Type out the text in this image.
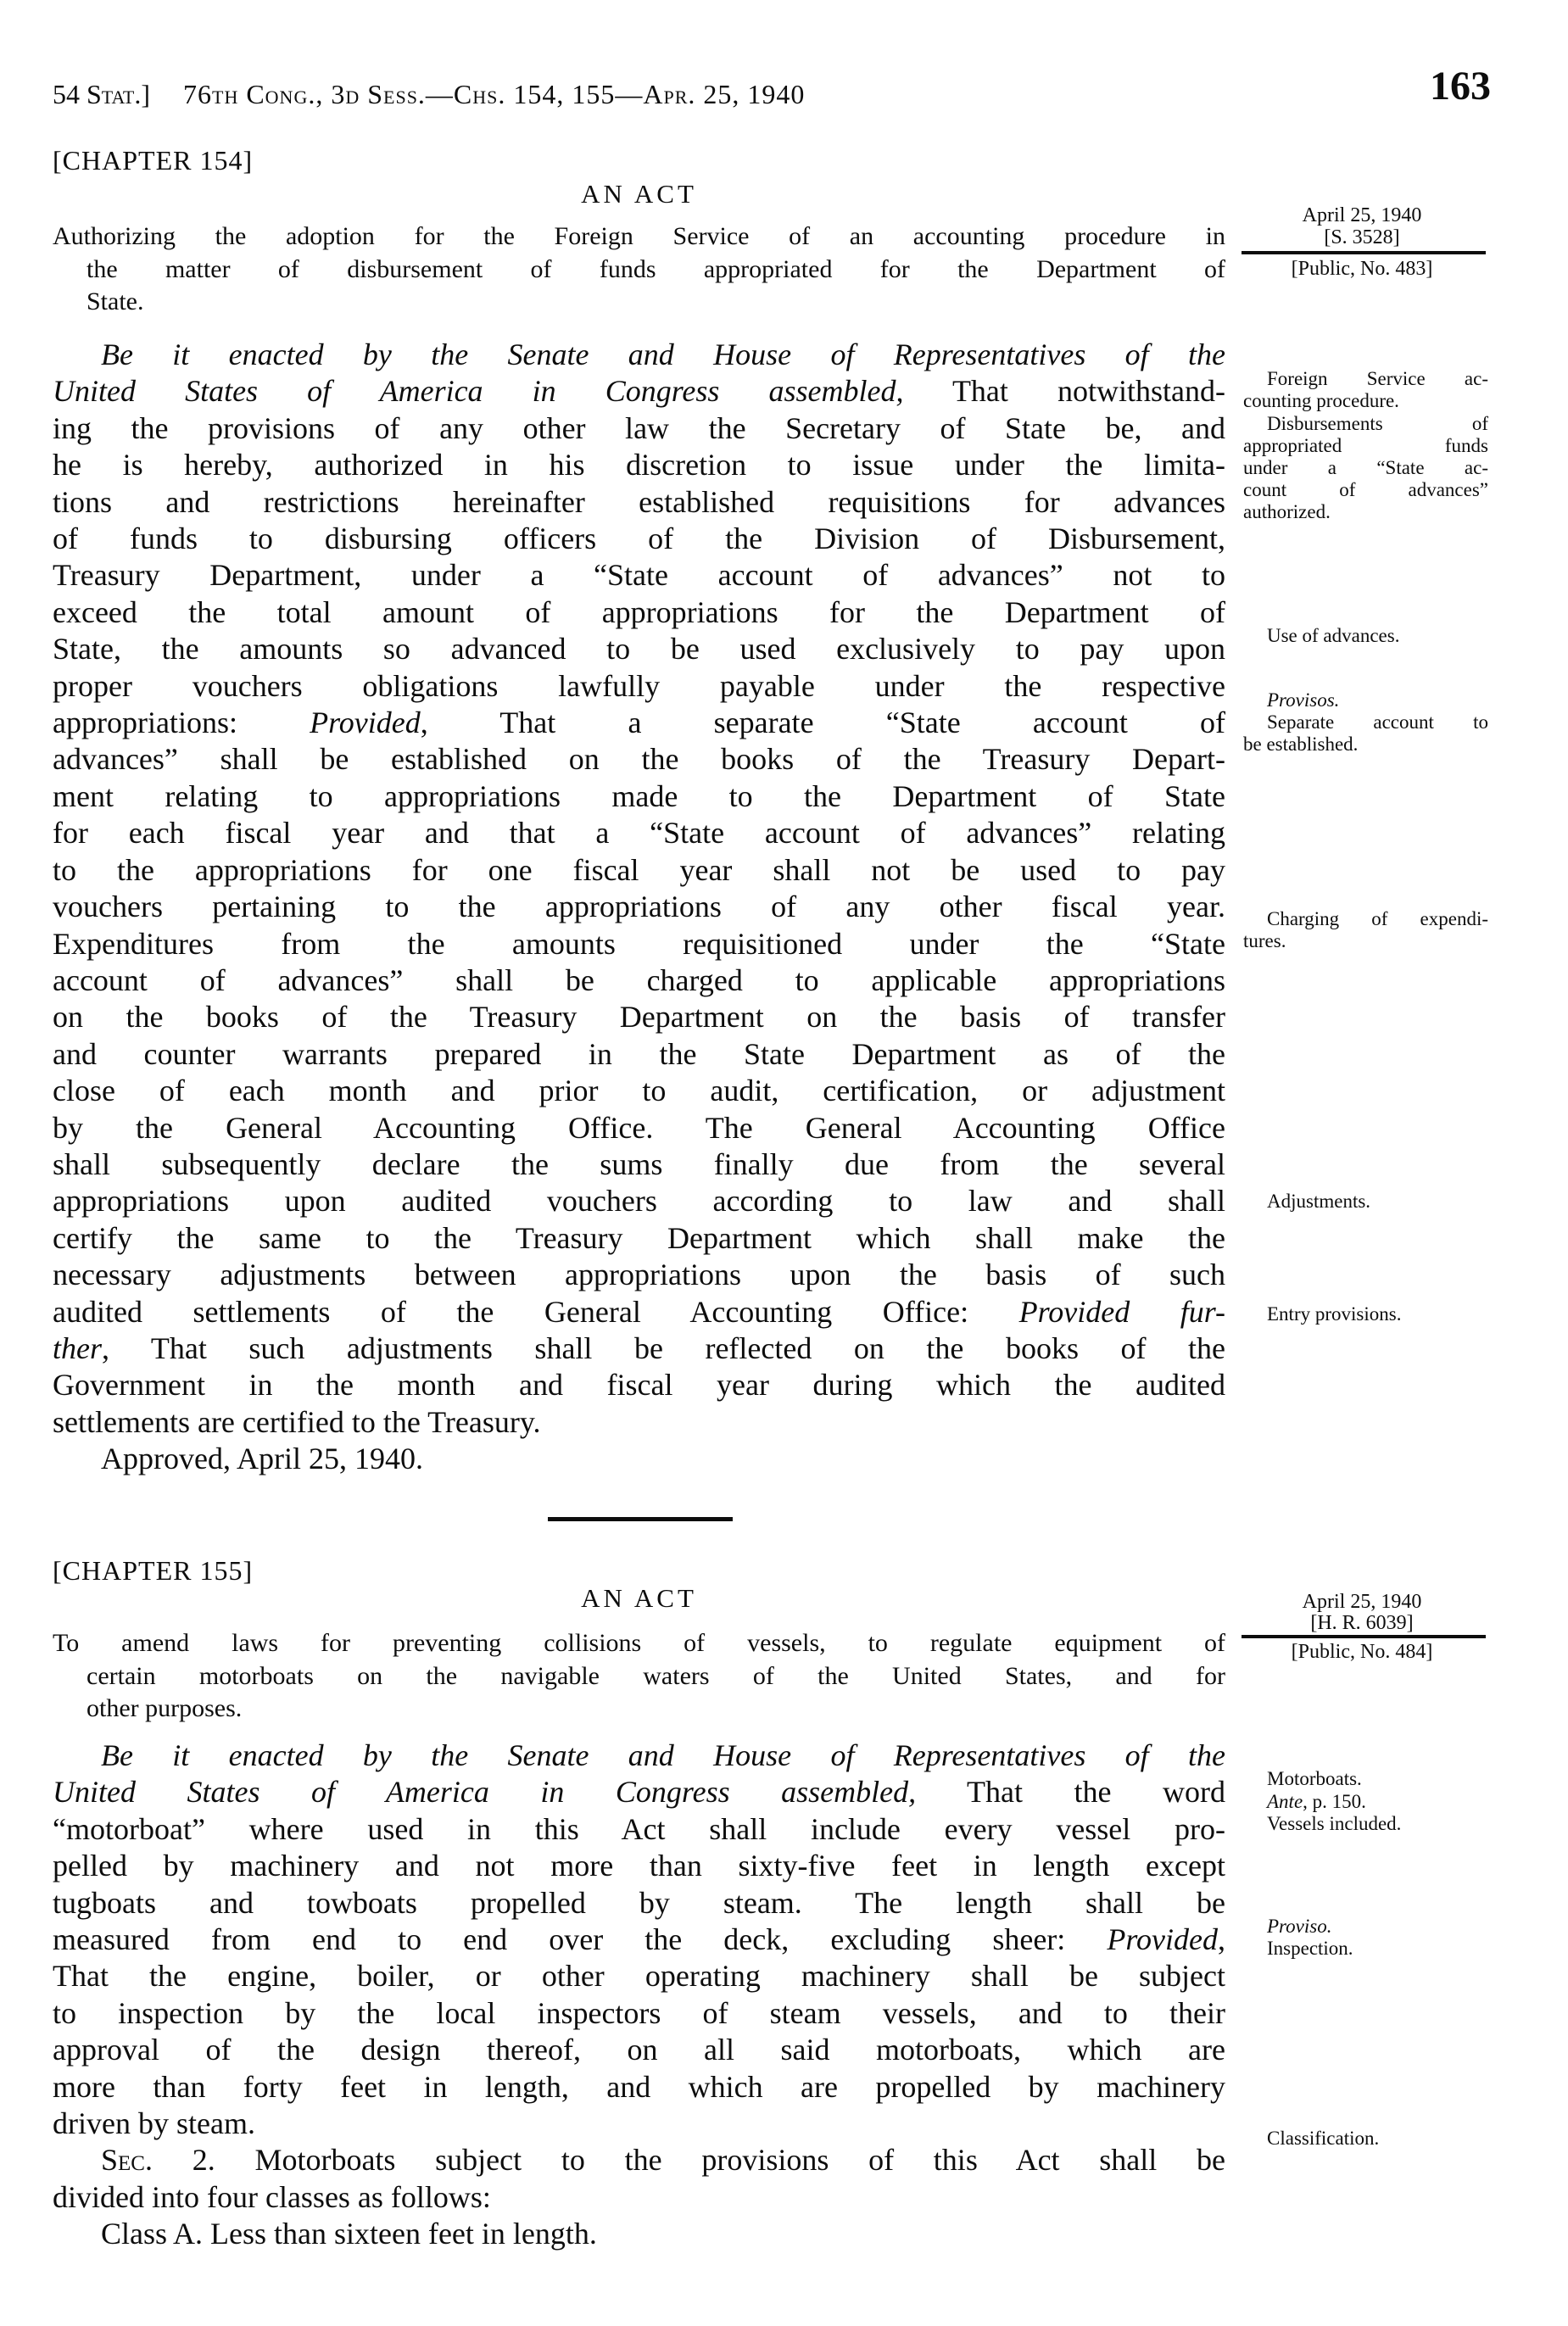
54 Stat.] 76th Cong., 3d Sess.—Chs. 154, 155—Apr. 25, 1940	163
[CHAPTER 154]
AN ACT
Authorizing the adoption for the Foreign Service of an accounting procedure in
the matter of disbursement of funds appropriated for the Department of
State.
April 25, 1940
[S. 3528]
[Public, No. 483]
Be it enacted by the Senate and House of Representatives of the
United States of America in Congress assembled, That notwithstand-
ing the provisions of any other law the Secretary of State be, and
he is hereby, authorized in his discretion to issue under the limita-
tions and restrictions hereinafter established requisitions for advances
of funds to disbursing officers of the Division of Disbursement,
Treasury Department, under a “State account of advances” not to
exceed the total amount of appropriations for the Department of
State, the amounts so advanced to be used exclusively to pay upon
proper vouchers obligations lawfully payable under the respective
appropriations: Provided, That a separate “State account of
advances” shall be established on the books of the Treasury Depart-
ment relating to appropriations made to the Department of State
for each fiscal year and that a “State account of advances” relating
to the appropriations for one fiscal year shall not be used to pay
vouchers pertaining to the appropriations of any other fiscal year.
Expenditures from the amounts requisitioned under the “State
account of advances” shall be charged to applicable appropriations
on the books of the Treasury Department on the basis of transfer
and counter warrants prepared in the State Department as of the
close of each month and prior to audit, certification, or adjustment
by the General Accounting Office. The General Accounting Office
shall subsequently declare the sums finally due from the several
appropriations upon audited vouchers according to law and shall
certify the same to the Treasury Department which shall make the
necessary adjustments between appropriations upon the basis of such
audited settlements of the General Accounting Office: Provided fur-
ther, That such adjustments shall be reflected on the books of the
Government in the month and fiscal year during which the audited
settlements are certified to the Treasury.
Approved, April 25, 1940.
[CHAPTER 155]
AN ACT
To amend laws for preventing collisions of vessels, to regulate equipment of
certain motorboats on the navigable waters of the United States, and for
other purposes.
April 25, 1940
[H. R. 6039]
[Public, No. 484]
Be it enacted by the Senate and House of Representatives of the
United States of America in Congress assembled, That the word
“motorboat” where used in this Act shall include every vessel pro-
pelled by machinery and not more than sixty-five feet in length except
tugboats and towboats propelled by steam. The length shall be
measured from end to end over the deck, excluding sheer: Provided,
That the engine, boiler, or other operating machinery shall be subject
to inspection by the local inspectors of steam vessels, and to their
approval of the design thereof, on all said motorboats, which are
more than forty feet in length, and which are propelled by machinery
driven by steam.
Sec. 2. Motorboats subject to the provisions of this Act shall be
divided into four classes as follows:
Class A. Less than sixteen feet in length.
Foreign Service ac-
counting procedure.
Disbursements of
appropriated funds
under a “State ac-
count of advances”
authorized.
Use of advances.
Provisos.
Separate account to
be established.
Charging of expendi-
tures.
Adjustments.
Entry provisions.
Motorboats.
Ante, p. 150.
Vessels included.
Proviso.
Inspection.
Classification.
